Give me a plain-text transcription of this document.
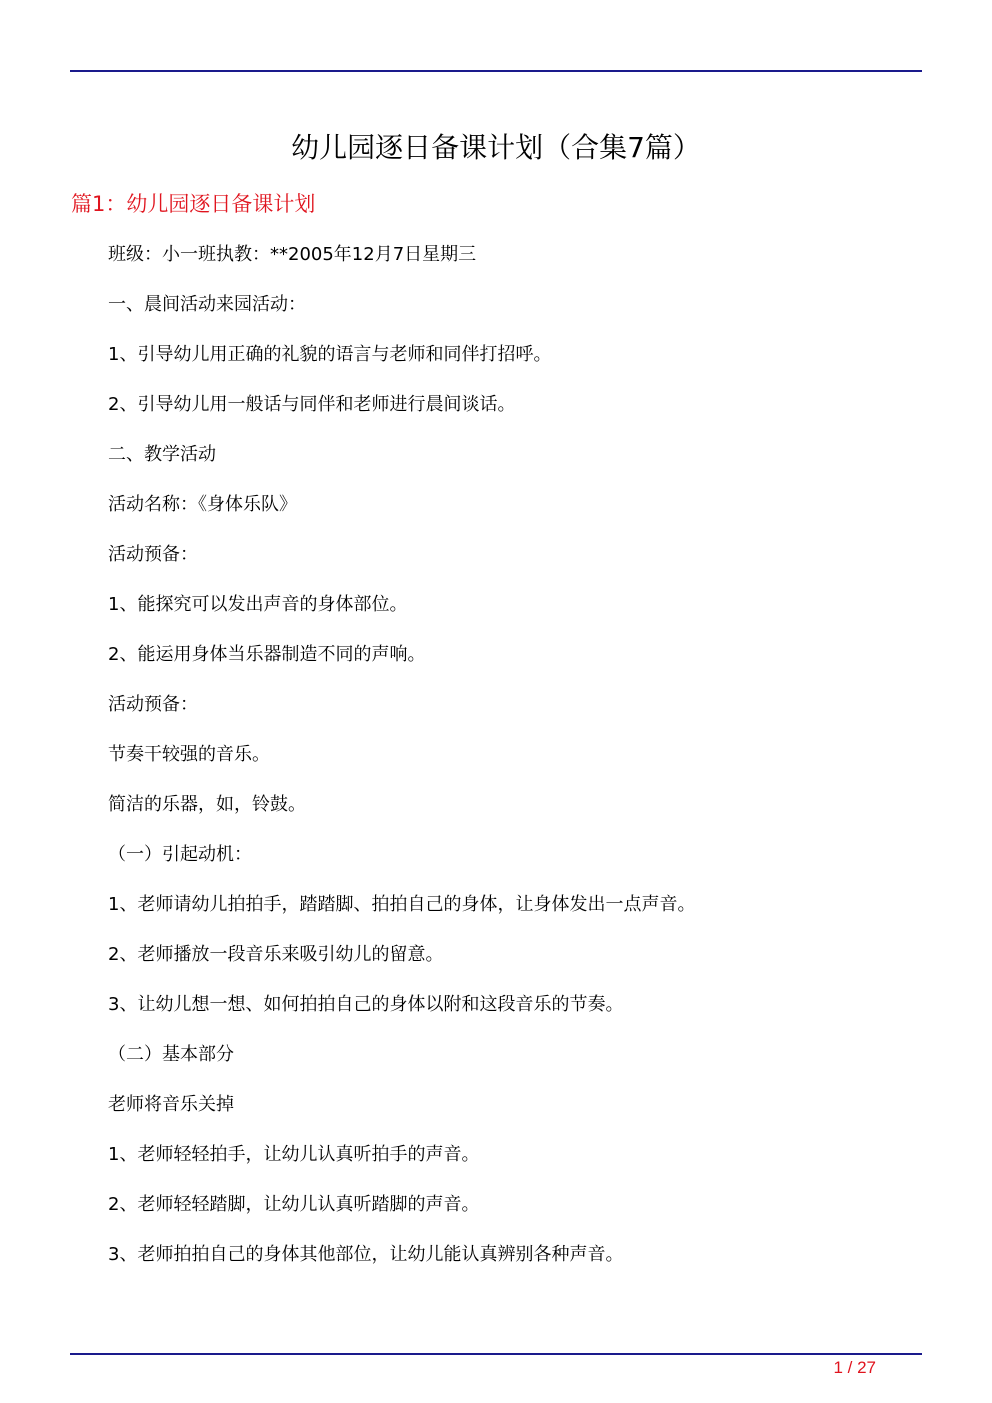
幼儿园逐日备课计划（合集7篇）
篇1：幼儿园逐日备课计划
班级：小一班执教：**2005年12月7日星期三
一、晨间活动来园活动：
1、引导幼儿用正确的礼貌的语言与老师和同伴打招呼。
2、引导幼儿用一般话与同伴和老师进行晨间谈话。
二、教学活动
活动名称：《身体乐队》
活动预备：
1、能探究可以发出声音的身体部位。
2、能运用身体当乐器制造不同的声响。
活动预备：
节奏干较强的音乐。
简洁的乐器，如，铃鼓。
（一）引起动机：
1、老师请幼儿拍拍手，踏踏脚、拍拍自己的身体，让身体发出一点声音。
2、老师播放一段音乐来吸引幼儿的留意。
3、让幼儿想一想、如何拍拍自己的身体以附和这段音乐的节奏。
（二）基本部分
老师将音乐关掉
1、老师轻轻拍手，让幼儿认真听拍手的声音。
2、老师轻轻踏脚，让幼儿认真听踏脚的声音。
3、老师拍拍自己的身体其他部位，让幼儿能认真辨别各种声音。
1 / 27
